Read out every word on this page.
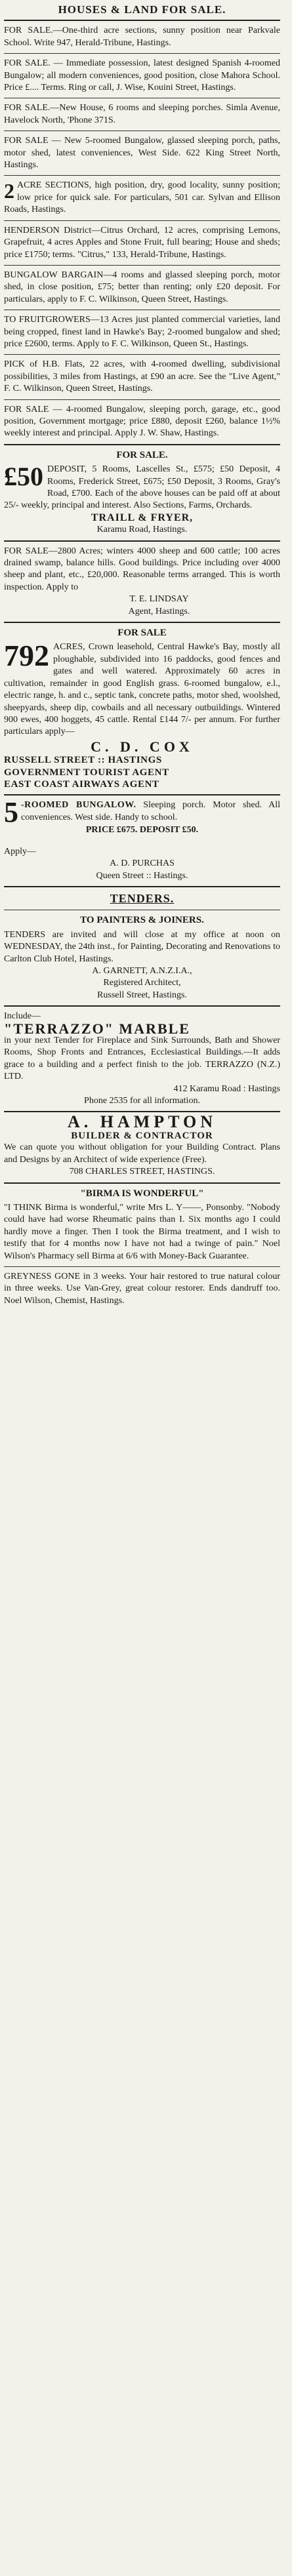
HOUSES & LAND FOR SALE.

FOR SALE.—One-third acre sections, sunny position near Parkvale School. Write 947, Herald-Tribune, Hastings.

FOR SALE. — Immediate possession, latest designed Spanish 4-roomed Bungalow; all modern conveniences, good position, close Mahora School. Price £.... Terms. Ring or call, J. Wise, Kouini Street, Hastings.

FOR SALE.—New House, 6 rooms and sleeping porches. Simla Avenue, Havelock North, 'Phone 371S.

FOR SALE — New 5-roomed Bungalow, glassed sleeping porch, paths, motor shed, latest conveniences, West Side. 622 King Street North, Hastings.

2 ACRE SECTIONS, high position, dry, good locality, sunny position; low price for quick sale. For particulars, 501 car. Sylvan and Ellison Roads, Hastings.

HENDERSON District—Citrus Orchard, 12 acres, comprising Lemons, Grapefruit, 4 acres Apples and Stone Fruit, full bearing; House and sheds; price £1750; terms. "Citrus," 133, Herald-Tribune, Hastings.

BUNGALOW BARGAIN—4 rooms and glassed sleeping porch, motor shed, in close position, £75; better than renting; only £20 deposit. For particulars, apply to F. C. Wilkinson, Queen Street, Hastings.

TO FRUITGROWERS—13 Acres just planted commercial varieties, land being cropped, finest land in Hawke's Bay; 2-roomed bungalow and shed; price £2600, terms. Apply to F. C. Wilkinson, Queen St., Hastings.

PICK of H.B. Flats, 22 acres, with 4-roomed dwelling, subdivisional possibilities, 3 miles from Hastings, at £90 an acre. See the "Live Agent," F. C. Wilkinson, Queen Street, Hastings.

FOR SALE — 4-roomed Bungalow, sleeping porch, garage, etc., good position, Government mortgage; price £880, deposit £260, balance 1½% weekly interest and principal. Apply J. W. Shaw, Hastings.

FOR SALE.
£50 DEPOSIT, 5 Rooms, Lascelles St., £575; £50 Deposit, 4 Rooms, Frederick Street, £675; £50 Deposit, 3 Rooms, Gray's Road, £700. Each of the above houses can be paid off at about 25/- weekly, principal and interest. Also Sections, Farms, Orchards.

TRAILL & FRYER,
Karamu Road, Hastings.

FOR SALE—2800 Acres; winters 4000 sheep and 600 cattle; 100 acres drained swamp, balance hills. Good buildings. Price including over 4000 sheep and plant, etc., £20,000. Reasonable terms arranged. This is worth inspection. Apply to

T. E. LINDSAY
Agent, Hastings.
FOR SALE
792 ACRES, Crown leasehold, Central Hawke's Bay, mostly all ploughable, subdivided into 16 paddocks, good fences and gates and well watered. Approximately 60 acres in cultivation, remainder in good English grass. 6-roomed bungalow, e.l., electric range, h. and c., septic tank, concrete paths, motor shed, woolshed, sheepyards, sheep dip, cowbails and all necessary outbuildings. Wintered 900 ewes, 400 hoggets, 45 cattle. Rental £144 7/- per annum. For further particulars apply—

C. D. COX
RUSSELL STREET :: HASTINGS
GOVERNMENT TOURIST AGENT
EAST COAST AIRWAYS AGENT
5 -ROOMED BUNGALOW. Sleeping porch. Motor shed. All conveniences. West side. Handy to school.
PRICE £675. DEPOSIT £50.
Apply—
A. D. PURCHAS
Queen Street :: Hastings.
TENDERS.
TO PAINTERS & JOINERS.

TENDERS are invited and will close at my office at noon on WEDNESDAY, the 24th inst., for Painting, Decorating and Renovations to Carlton Club Hotel, Hastings.

A. GARNETT, A.N.Z.I.A.,
Registered Architect,
Russell Street, Hastings.
Include—
"TERRAZZO" MARBLE

in your next Tender for Fireplace and Sink Surrounds, Bath and Shower Rooms, Shop Fronts and Entrances, Ecclesiastical Buildings.—It adds grace to a building and a perfect finish to the job. TERRAZZO (N.Z.) LTD.

412 Karamu Road : Hastings
Phone 2535 for all information.
A. HAMPTON
BUILDER & CONTRACTOR

We can quote you without obligation for your Building Contract. Plans and Designs by an Architect of wide experience (Free).

708 CHARLES STREET, HASTINGS.
"BIRMA IS WONDERFUL"

"I THINK Birma is wonderful," write Mrs L. Y——, Ponsonby. "Nobody could have had worse Rheumatic pains than I. Six months ago I could hardly move a finger. Then I took the Birma treatment, and I wish to testify that for 4 months now I have not had a twinge of pain." Noel Wilson's Pharmacy sell Birma at 6/6 with Money-Back Guarantee.

GREYNESS GONE in 3 weeks. Your hair restored to true natural colour in three weeks. Use Van-Grey, great colour restorer. Ends dandruff too. Noel Wilson, Chemist, Hastings.
